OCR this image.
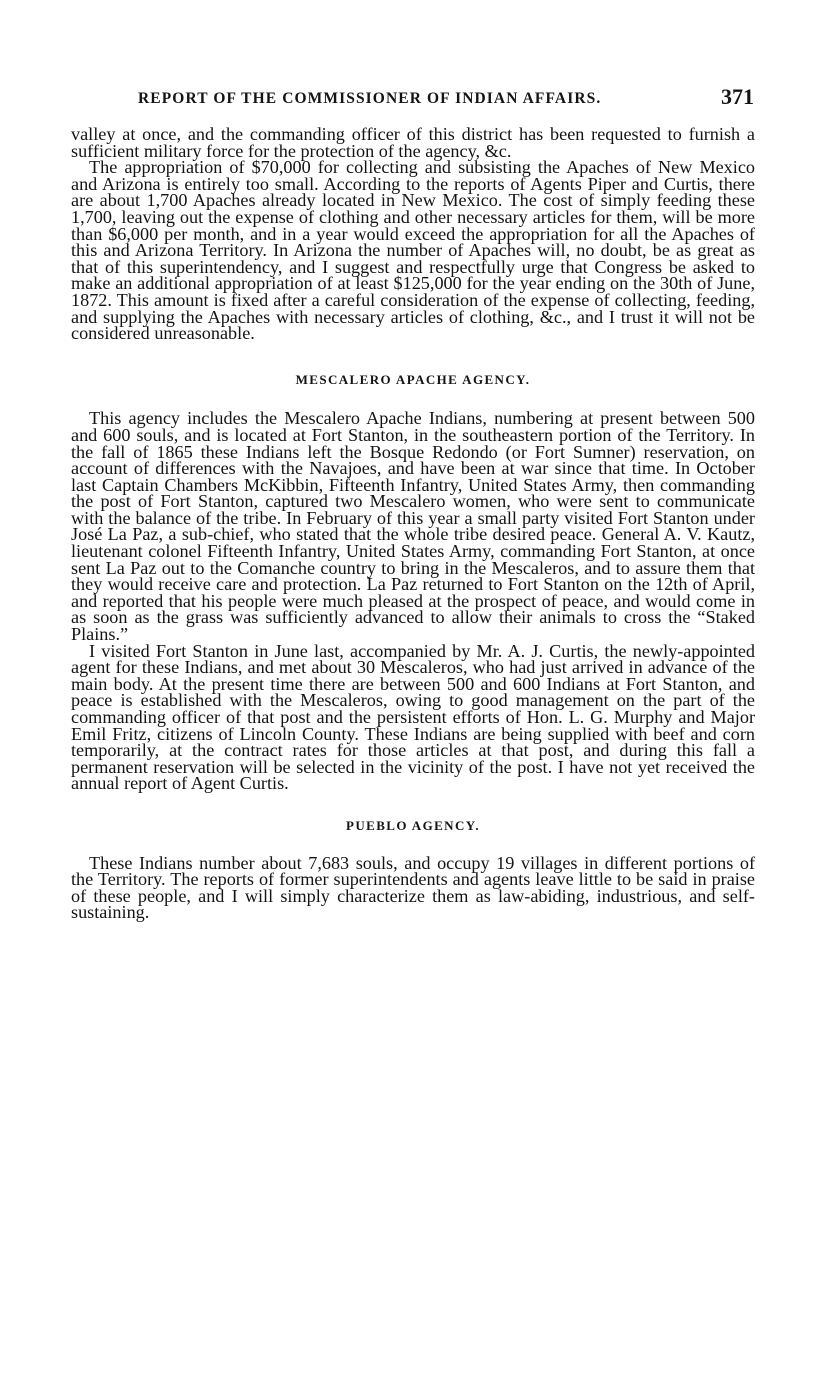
REPORT OF THE COMMISSIONER OF INDIAN AFFAIRS.	371

valley at once, and the commanding officer of this district has been requested to furnish a sufficient military force for the protection of the agency, &c.

The appropriation of $70,000 for collecting and subsisting the Apaches of New Mexico and Arizona is entirely too small. According to the reports of Agents Piper and Curtis, there are about 1,700 Apaches already located in New Mexico. The cost of simply feeding these 1,700, leaving out the expense of clothing and other necessary articles for them, will be more than $6,000 per month, and in a year would exceed the appropriation for all the Apaches of this and Arizona Territory. In Arizona the number of Apaches will, no doubt, be as great as that of this superintendency, and I suggest and respectfully urge that Congress be asked to make an additional appropriation of at least $125,000 for the year ending on the 30th of June, 1872. This amount is fixed after a careful consideration of the expense of collecting, feeding, and supplying the Apaches with necessary articles of clothing, &c., and I trust it will not be considered unreasonable.

MESCALERO APACHE AGENCY.

This agency includes the Mescalero Apache Indians, numbering at present between 500 and 600 souls, and is located at Fort Stanton, in the southeastern portion of the Territory. In the fall of 1865 these Indians left the Bosque Redondo (or Fort Sumner) reservation, on account of differences with the Navajoes, and have been at war since that time. In October last Captain Chambers McKibbin, Fifteenth Infantry, United States Army, then commanding the post of Fort Stanton, captured two Mescalero women, who were sent to communicate with the balance of the tribe. In February of this year a small party visited Fort Stanton under José La Paz, a sub-chief, who stated that the whole tribe desired peace. General A. V. Kautz, lieutenant colonel Fifteenth Infantry, United States Army, commanding Fort Stanton, at once sent La Paz out to the Comanche country to bring in the Mescaleros, and to assure them that they would receive care and protection. La Paz returned to Fort Stanton on the 12th of April, and reported that his people were much pleased at the prospect of peace, and would come in as soon as the grass was sufficiently advanced to allow their animals to cross the “Staked Plains.”

I visited Fort Stanton in June last, accompanied by Mr. A. J. Curtis, the newly-appointed agent for these Indians, and met about 30 Mescaleros, who had just arrived in advance of the main body. At the present time there are between 500 and 600 Indians at Fort Stanton, and peace is established with the Mescaleros, owing to good management on the part of the commanding officer of that post and the persistent efforts of Hon. L. G. Murphy and Major Emil Fritz, citizens of Lincoln County. These Indians are being supplied with beef and corn temporarily, at the contract rates for those articles at that post, and during this fall a permanent reservation will be selected in the vicinity of the post. I have not yet received the annual report of Agent Curtis.

PUEBLO AGENCY.

These Indians number about 7,683 souls, and occupy 19 villages in different portions of the Territory. The reports of former superintendents and agents leave little to be said in praise of these people, and I will simply characterize them as law-abiding, industrious, and self-sustaining.
